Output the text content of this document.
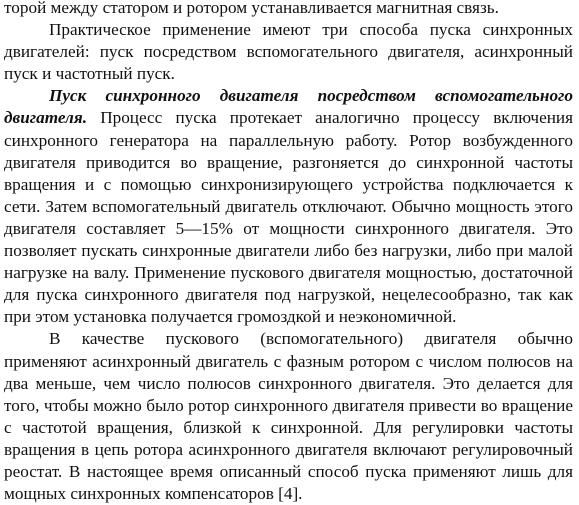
торой между статором и ротором устанавливается магнитная связь.

Практическое применение имеют три способа пуска синхронных двигателей: пуск посредством вспомогательного двигателя, асинхронный пуск и частотный пуск.

Пуск синхронного двигателя посредством вспомогательного двигателя. Процесс пуска протекает аналогично процессу включения синхронного генератора на параллельную работу. Ротор возбужденного двигателя приводится во вращение, разгоняется до синхронной частоты вращения и с помощью синхронизирующего устройства подключается к сети. Затем вспомогательный двигатель отключают. Обычно мощность этого двигателя составляет 5—15% от мощности синхронного двигателя. Это позволяет пускать синхронные двигатели либо без нагрузки, либо при малой нагрузке на валу. Применение пускового двигателя мощностью, достаточной для пуска синхронного двигателя под нагрузкой, нецелесообразно, так как при этом установка получается громоздкой и неэкономичной.

В качестве пускового (вспомогательного) двигателя обычно применяют асинхронный двигатель с фазным ротором с числом полюсов на два меньше, чем число полюсов синхронного двигателя. Это делается для того, чтобы можно было ротор синхронного двигателя привести во вращение с частотой вращения, близкой к синхронной. Для регулировки частоты вращения в цепь ротора асинхронного двигателя включают регулировочный реостат. В настоящее время описанный способ пуска применяют лишь для мощных синхронных компенсаторов [4].
